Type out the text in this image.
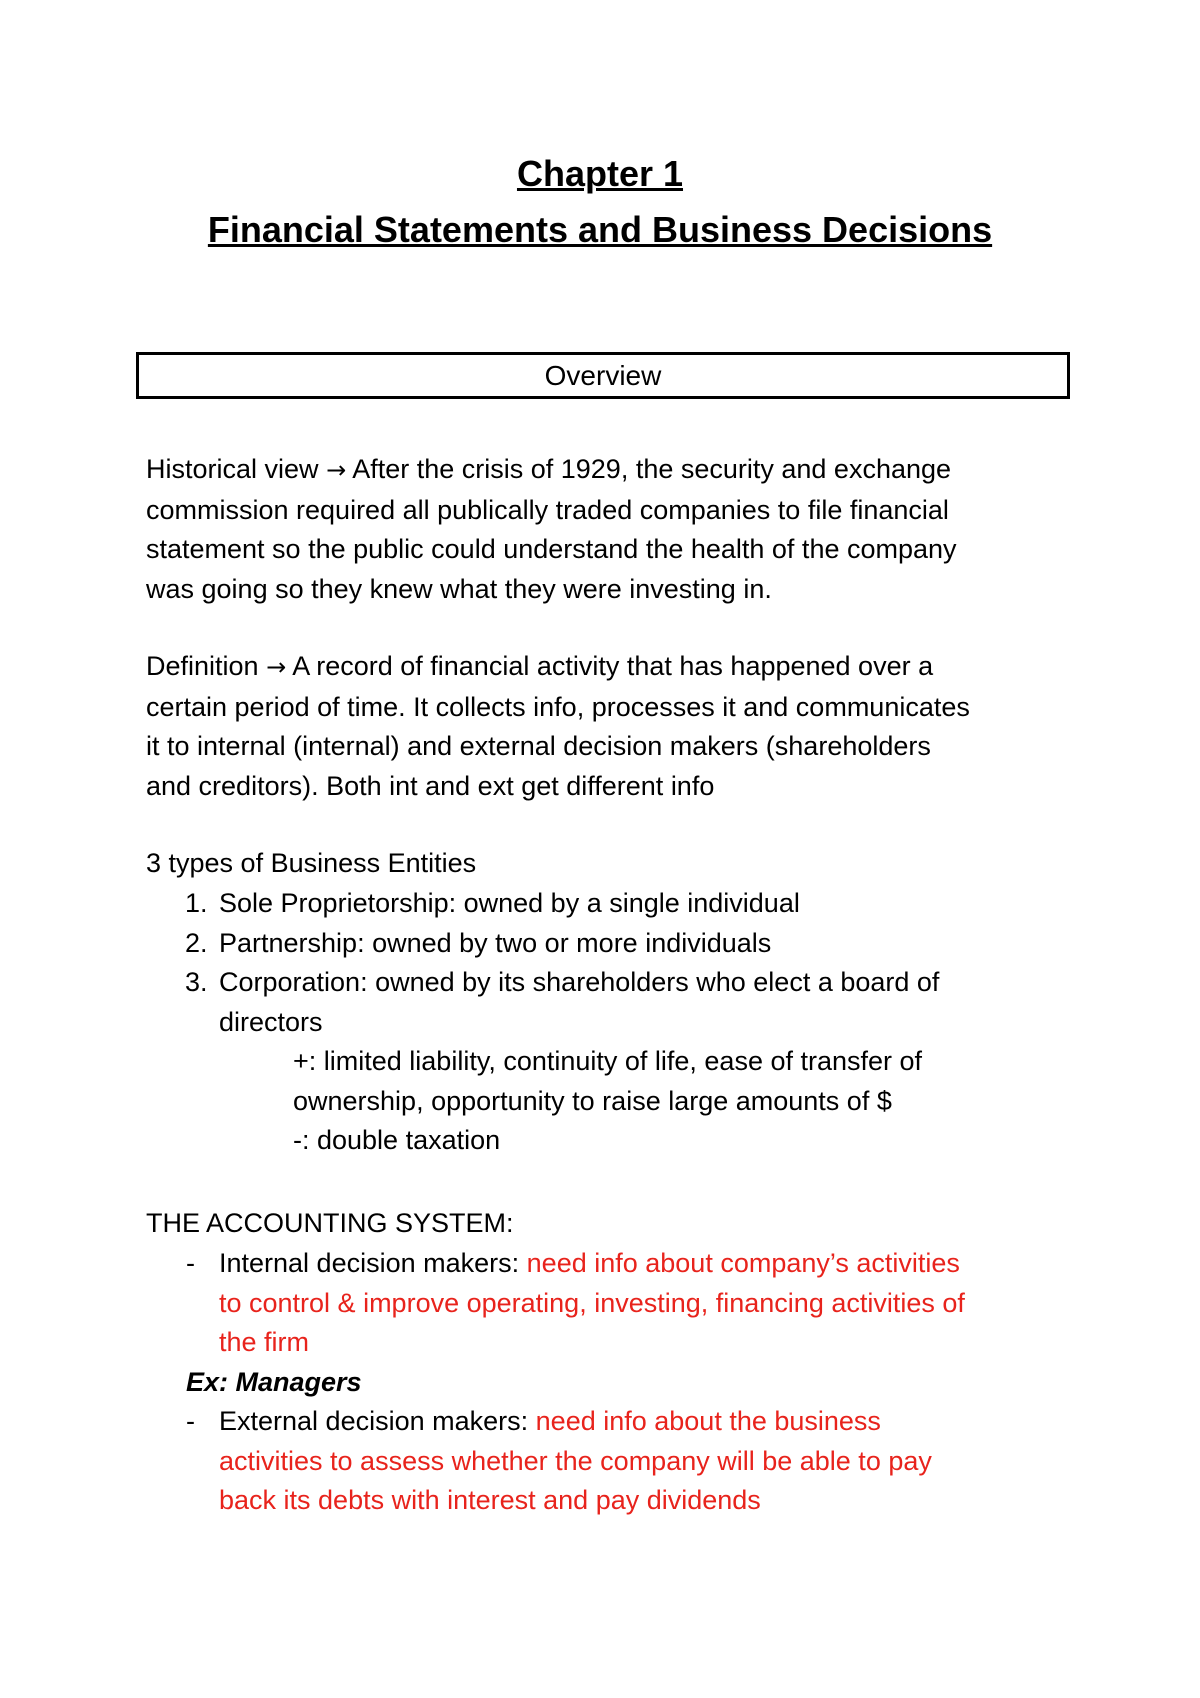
Chapter 1
Financial Statements and Business Decisions
Overview
Historical view → After the crisis of 1929, the security and exchange
commission required all publically traded companies to file financial
statement so the public could understand the health of the company
was going so they knew what they were investing in.
Definition → A record of financial activity that has happened over a
certain period of time. It collects info, processes it and communicates
it to internal (internal) and external decision makers (shareholders
and creditors). Both int and ext get different info
3 types of Business Entities
1. Sole Proprietorship: owned by a single individual
2. Partnership: owned by two or more individuals
3. Corporation: owned by its shareholders who elect a board of
directors
+: limited liability, continuity of life, ease of transfer of
ownership, opportunity to raise large amounts of $
-: double taxation
THE ACCOUNTING SYSTEM:
- Internal decision makers: need info about company’s activities
to control & improve operating, investing, financing activities of
the firm
Ex: Managers
- External decision makers: need info about the business
activities to assess whether the company will be able to pay
back its debts with interest and pay dividends
